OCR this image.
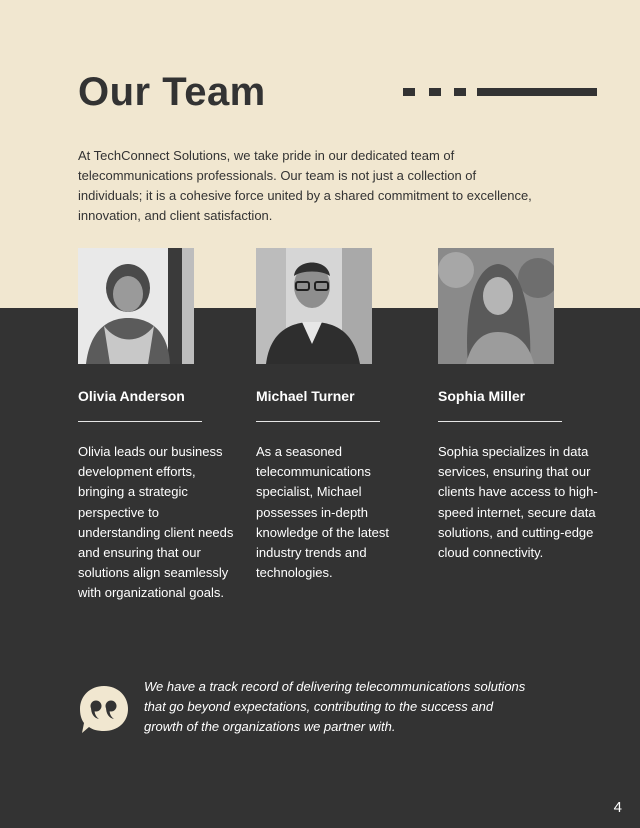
Our Team

At TechConnect Solutions, we take pride in our dedicated team of telecommunications professionals. Our team is not just a collection of individuals; it is a cohesive force united by a shared commitment to excellence, innovation, and client satisfaction.

Olivia Anderson

Olivia leads our business development efforts, bringing a strategic perspective to understanding client needs and ensuring that our solutions align seamlessly with organizational goals.

Michael Turner

As a seasoned telecommunications specialist, Michael possesses in-depth knowledge of the latest industry trends and technologies.

Sophia Miller

Sophia specializes in data services, ensuring that our clients have access to high-speed internet, secure data solutions, and cutting-edge cloud connectivity.

We have a track record of delivering telecommunications solutions that go beyond expectations, contributing to the success and growth of the organizations we partner with.

4
